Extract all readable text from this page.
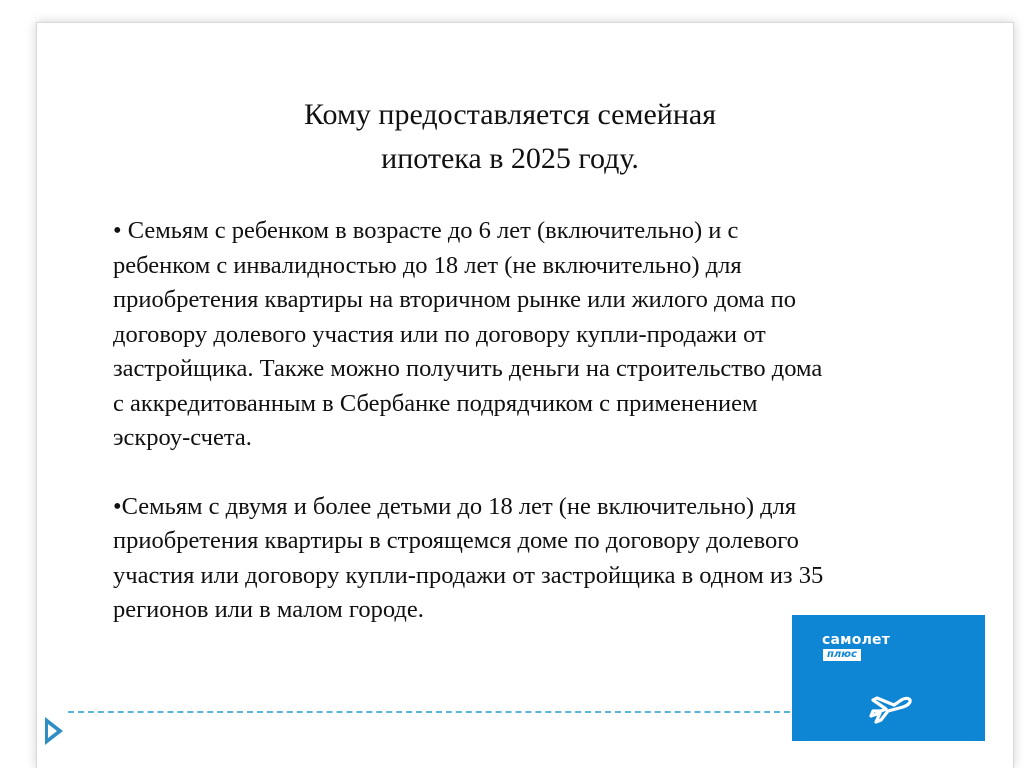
Кому предоставляется семейная
ипотека в 2025 году.
• Семьям с ребенком в возрасте до 6 лет (включительно) и с
ребенком с инвалидностью до 18 лет (не включительно) для
приобретения квартиры на вторичном рынке или жилого дома по
договору долевого участия или по договору купли-продажи от
застройщика. Также можно получить деньги на строительство дома
с аккредитованным в Сбербанке подрядчиком с применением
эскроу-счета.
•Семьям с двумя и более детьми до 18 лет (не включительно) для
приобретения квартиры в строящемся доме по договору долевого
участия или договору купли-продажи от застройщика в одном из 35
регионов или в малом городе.
самолет
плюс
